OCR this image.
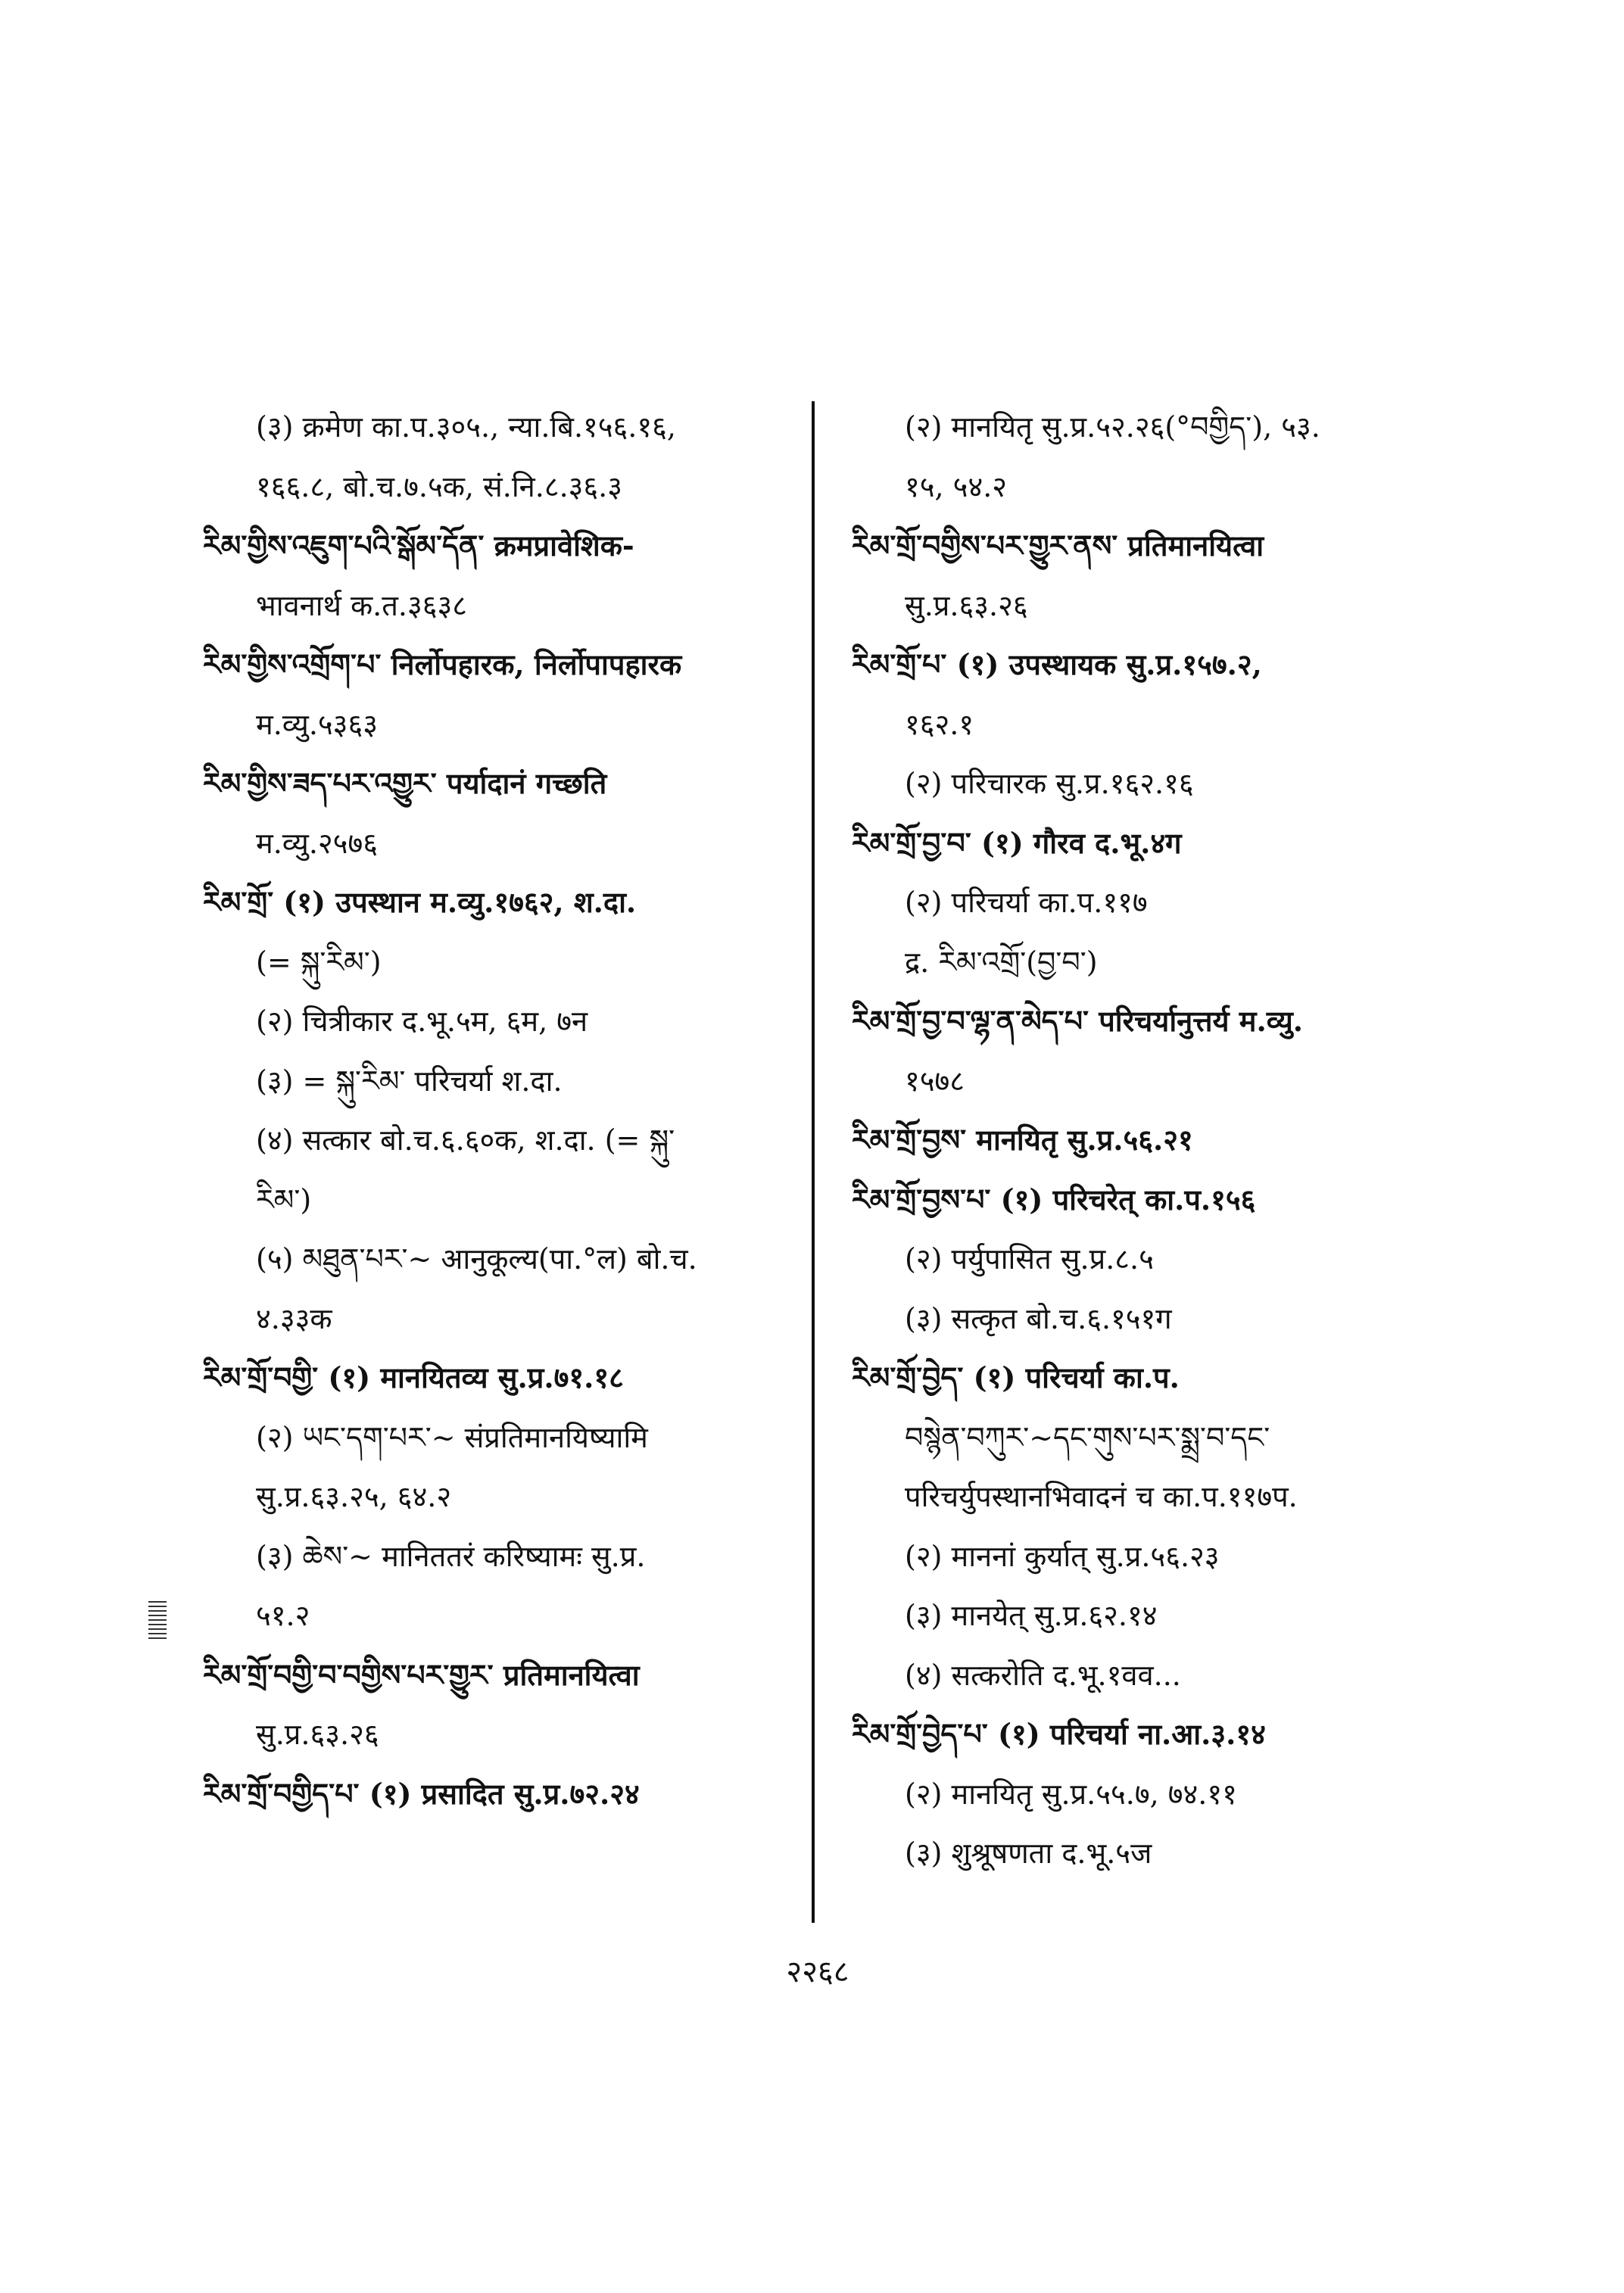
(३) क्रमेण का.प.३०५., न्या.बि.१५६.१६,
१६६.८, बो.च.७.५क, सं.नि.८.३६.३
རིམ་གྱིས་འཇུག་པའི་སྒོམ་དོན་ क्रमप्रावेशिक-
भावनार्थ क.त.३६३८
རིམ་གྱིས་འགྲོག་པ་ निर्लोपहारक, निर्लोपापहारक
म.व्यु.५३६३
རིམ་གྱིས་ཟད་པར་འགྱུར་ पर्यादानं गच्छति
म.व्यु.२५७६
རིམ་གྲོ་ (१) उपस्थान म.व्यु.१७६२, श.दा.
(= སྐུ་རིམ་)
(२) चित्रीकार द.भू.५म, ६म, ७न
(३) = སྐུ་རིམ་ परिचर्या श.दा.
(४) सत्कार बो.च.६.६०क, श.दा. (= སྐུ་
རིམ་)
(५) མཐུན་པར་~ आनुकूल्य(पा.°ल) बो.च.
४.३३क
རིམ་གྲོ་བགྱི་ (१) मानयितव्य सु.प्र.७१.१८
(२) ཡང་དག་པར་~ संप्रतिमानयिष्यामि
सु.प्र.६३.२५, ६४.२
(३) ཆེས་~ मानिततरं करिष्यामः सु.प्र.
५१.२
རིམ་གྲོ་བགྱི་བ་བགྱིས་པར་གྱུར་ प्रतिमानयित्वा
सु.प्र.६३.२६
རིམ་གྲོ་བགྱིད་པ་ (१) प्रसादित सु.प्र.७२.२४
(२) मानयितृ सु.प्र.५२.२६(°བགྱིད་), ५३.
१५, ५४.२
རིམ་གྲོ་བགྱིས་པར་གྱུར་ནས་ प्रतिमानयित्वा
सु.प्र.६३.२६
རིམ་གྲོ་པ་ (१) उपस्थायक सु.प्र.१५७.२,
१६२.१
(२) परिचारक सु.प्र.१६२.१६
རིམ་གྲོ་བྱ་བ་ (१) गौरव द.भू.४ग
(२) परिचर्या का.प.११७
द्र. རིམ་འགྲོ་(བྱ་བ་)
རིམ་གྲོ་བྱ་བ་ལྷ་ན་མེད་པ་ परिचर्यानुत्तर्य म.व्यु.
१५७८
རིམ་གྲོ་བྱས་ मानयितृ सु.प्र.५६.२१
རིམ་གྲོ་བྱས་པ་ (१) परिचरेत् का.प.१५६
(२) पर्युपासित सु.प्र.८.५
(३) सत्कृत बो.च.६.१५१ग
རིམ་གྲོ་བྱེད་ (१) परिचर्या का.प.
བསྙེན་བཀུར་~དང་གུས་པར་སྨྲ་བ་དང་
परिचर्युपस्थानभिवादनं च का.प.११७प.
(२) माननां कुर्यात् सु.प्र.५६.२३
(३) मानयेत् सु.प्र.६२.१४
(४) सत्करोति द.भू.१वव...
རིམ་གྲོ་བྱེད་པ་ (१) परिचर्या ना.आ.३.१४
(२) मानयितृ सु.प्र.५५.७, ७४.११
(३) शुश्रूषणता द.भू.५ज
२२६८
